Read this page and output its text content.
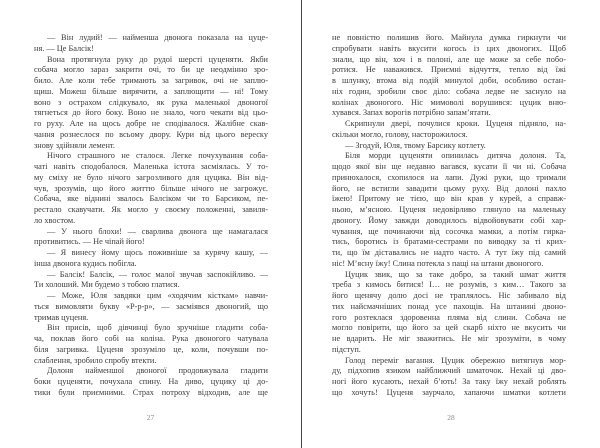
— Він лудий! — найменша двонога показала на цуце-
ня. — Це Балсік!
Вона протягнула руку до рудої шерсті цуценяти. Якби
собача могло зараз закрити очі, то би це неодмінно зро-
било. Але коли тебе тримають за загривок, очі не заплю-
щиш. Можеш більше вирячити, а заплющити — ні! Тому
воно з острахом слідкувало, як рука маленької двоногої
тягнеться до його боку. Воно не знало, чого чекати від цьо-
го руху. Але на щось добре не сподівалося. Жалібне скав-
чання рознеслося по всьому двору. Кури від цього вереску
знову здійняли лемент.
Нічого страшного не сталося. Легке почухування соба-
чаті навіть сподобалося. Маленька істота засміялась. У то-
му сміху не було нічого загрозливого для цуцика. Він від-
чув, зрозумів, що його життю більше нічого не загрожує.
Собача, яке віднині звалось Балсіком чи то Барсиком, пе-
рестало скавучати. Як могло у своєму положенні, завиля-
ло хвостом.
— У нього блохи! — сварлива двонога ще намагалася
противитись. — Не чіпай його!
— Я винесу йому щось поживніше за курячу кашу, —
інша двонога кудись побігла.
— Балсік! Балсік, — голос малої звучав заспокійливо. —
Ти холоший. Ми будемо з тобою глатися.
— Може, Юля завдяки цим «ходячим кісткам» навчи-
ться вимовляти букву «Р-р-р», — засміявся двоногий, що
тримав цуценя.
Він присів, щоб дівчинці було зручніше гладити соба-
ча, поклав його собі на коліна. Рука двоногого чатувала
біля загривка. Цуценя зрозуміло це, коли, почувши по-
слаблення, зробило спробу втекти.
Долоня найменшої двоногої продовжувала гладити
боки цуценяти, почухала спину. На диво, цуцику ці до-
тики були приємними. Страх потроху відходив, але ще
27
не повністю полишив його. Майнула думка гиркнути чи
спробувати навіть вкусити когось із цих двоногих. Щоб
знали, що він, хоч і в полоні, але ще може за себе побо-
ротися. Не наважився. Приємні відчуття, тепло від їжі
в шлунку, втома від подій минулої доби, особливо остан-
ніх годин, зробили своє діло: собача ледве не заснуло на
колінах двоногого. Ніс мимоволі ворушився: цуцик вню-
хувався. Запах ворогів потрібно запам’ятати.
Скрипнули двері, почулися кроки. Цуценя підняло, на-
скільки могло, голову, насторожилося.
— Згодуй, Юля, твому Барсику котлету.
Біля морди цуценяти опинилась дитяча долоня. Та,
щодо якої він ще недавно вагався, кусати її чи ні. Собача
принюхалося, схопилося на лапи. Дужі руки, що тримали
його, не встигли завадити цьому руху. Від долоні пахло
їжею! Притому не тією, що він крав у курей, а справж-
ньою, м’ясною. Цуценя недовірливо глянуло на маленьку
двоногу. Йому завжди доводилось відвойовувати собі хар-
чування, ще починаючи від сосочка мамки, а потім гирка-
тись, боротись із братами-сестрами по виводку за ті крих-
ти, що їм діставались не надто часто. А тут їжу під самий
ніс! М’ясну їжу! Слина потекла з пащі на штани двоногого.
Цуцик звик, що за таке добро, за такий шмат життя
треба з кимось битися! І… не розумів, з ким… Такого за
його щенячу долю досі не траплялось. Ніс забивало від
тих найсмачніших понад усе пахощів. На штанині двоно-
гого розтеклася здоровенна пляма від слини. Собача не
могло повірити, що його за цей скарб ніхто не вкусить чи
не вдарить. Не міг зважитись. Не міг зрозуміти, в чому
підступ.
Голод переміг вагання. Цуцик обережно витягнув мор-
ду, підхопив язиком найближчий шматочок. Нехай ці дво-
ногі його кусають, нехай б’ють! За таку їжу нехай роблять
що хочуть! Цуценя заурчало, хапаючи шматки котлети
28
